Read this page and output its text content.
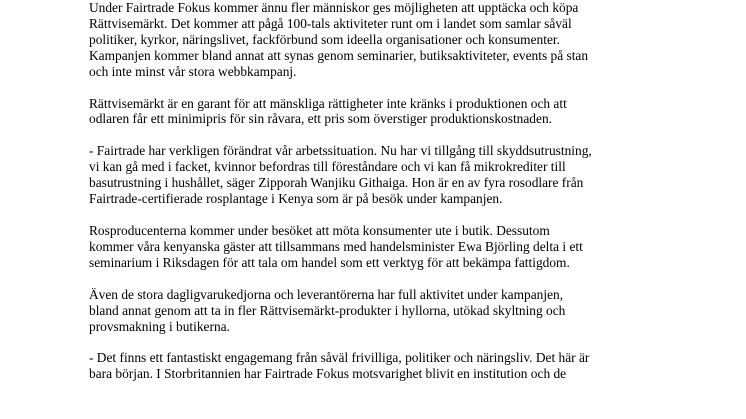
Under Fairtrade Fokus kommer ännu fler människor ges möjligheten att upptäcka och köpa
Rättvisemärkt. Det kommer att pågå 100-tals aktiviteter runt om i landet som samlar såväl
politiker, kyrkor, näringslivet, fackförbund som ideella organisationer och konsumenter.
Kampanjen kommer bland annat att synas genom seminarier, butiksaktiviteter, events på stan
och inte minst vår stora webbkampanj.

Rättvisemärkt är en garant för att mänskliga rättigheter inte kränks i produktionen och att
odlaren får ett minimipris för sin råvara, ett pris som överstiger produktionskostnaden.

- Fairtrade har verkligen förändrat vår arbetssituation. Nu har vi tillgång till skyddsutrustning,
vi kan gå med i facket, kvinnor befordras till föreståndare och vi kan få mikrokrediter till
basutrustning i hushållet, säger Zipporah Wanjiku Githaiga. Hon är en av fyra rosodlare från
Fairtrade-certifierade rosplantage i Kenya som är på besök under kampanjen.

Rosproducenterna kommer under besöket att möta konsumenter ute i butik. Dessutom
kommer våra kenyanska gäster att tillsammans med handelsminister Ewa Björling delta i ett
seminarium i Riksdagen för att tala om handel som ett verktyg för att bekämpa fattigdom.

Även de stora dagligvarukedjorna och leverantörerna har full aktivitet under kampanjen,
bland annat genom att ta in fler Rättvisemärkt-produkter i hyllorna, utökad skyltning och
provsmakning i butikerna.

- Det finns ett fantastiskt engagemang från såväl frivilliga, politiker och näringsliv. Det här är
bara början. I Storbritannien har Fairtrade Fokus motsvarighet blivit en institution och de
